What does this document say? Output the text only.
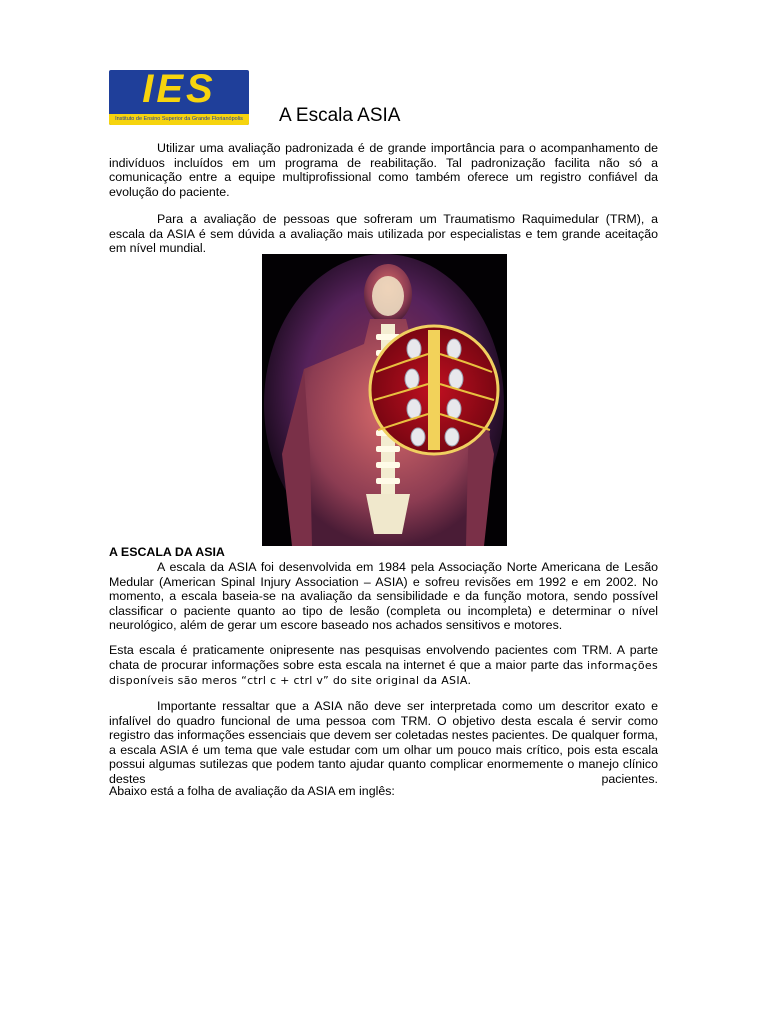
IES
Instituto de Ensino Superior da Grande Florianópolis	A Escala ASIA

Utilizar uma avaliação padronizada é de grande importância para o acompanhamento de indivíduos incluídos em um programa de reabilitação. Tal padronização facilita não só a comunicação entre a equipe multiprofissional como também oferece um registro confiável da evolução do paciente.

Para a avaliação de pessoas que sofreram um Traumatismo Raquimedular (TRM), a escala da ASIA é sem dúvida a avaliação mais utilizada por especialistas e tem grande aceitação em nível mundial.

A ESCALA DA ASIA

A escala da ASIA foi desenvolvida em 1984 pela Associação Norte Americana de Lesão Medular (American Spinal Injury Association – ASIA) e sofreu revisões em 1992 e em 2002. No momento, a escala baseia-se na avaliação da sensibilidade e da função motora, sendo possível classificar o paciente quanto ao tipo de lesão (completa ou incompleta) e determinar o nível neurológico, além de gerar um escore baseado nos achados sensitivos e motores.

Esta escala é praticamente onipresente nas pesquisas envolvendo pacientes com TRM. A parte chata de procurar informações sobre esta escala na internet é que a maior parte das informações disponíveis são meros “ctrl c + ctrl v” do site original da ASIA.

Importante ressaltar que a ASIA não deve ser interpretada como um descritor exato e infalível do quadro funcional de uma pessoa com TRM. O objetivo desta escala é servir como registro das informações essenciais que devem ser coletadas nestes pacientes. De qualquer forma, a escala ASIA é um tema que vale estudar com um olhar um pouco mais crítico, pois esta escala possui algumas sutilezas que podem tanto ajudar quanto complicar enormemente o manejo clínico destes pacientes.

Abaixo está a folha de avaliação da ASIA em inglês:
